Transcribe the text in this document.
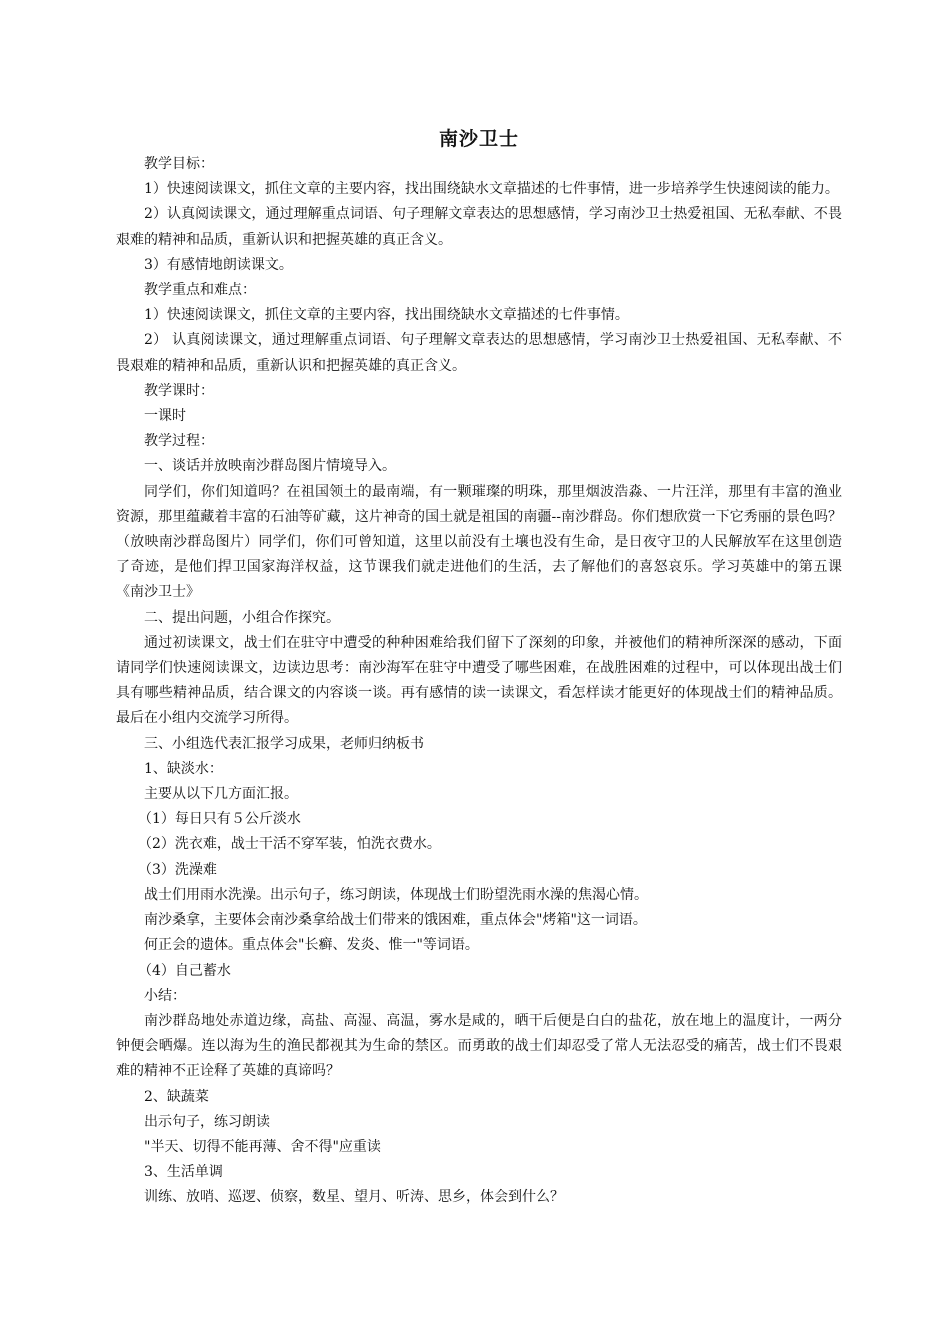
南沙卫士

教学目标：

1）快速阅读课文，抓住文章的主要内容，找出围绕缺水文章描述的七件事情，进一步培养学生快速阅读的能力。

2）认真阅读课文，通过理解重点词语、句子理解文章表达的思想感情，学习南沙卫士热爱祖国、无私奉献、不畏艰难的精神和品质，重新认识和把握英雄的真正含义。

3）有感情地朗读课文。

教学重点和难点：

1）快速阅读课文，抓住文章的主要内容，找出围绕缺水文章描述的七件事情。

2） 认真阅读课文，通过理解重点词语、句子理解文章表达的思想感情，学习南沙卫士热爱祖国、无私奉献、不畏艰难的精神和品质，重新认识和把握英雄的真正含义。

教学课时：

一课时

教学过程：

一、谈话并放映南沙群岛图片情境导入。

同学们，你们知道吗？在祖国领土的最南端，有一颗璀璨的明珠，那里烟波浩淼、一片汪洋，那里有丰富的渔业资源，那里蕴藏着丰富的石油等矿藏，这片神奇的国土就是祖国的南疆--南沙群岛。你们想欣赏一下它秀丽的景色吗？（放映南沙群岛图片）同学们，你们可曾知道，这里以前没有土壤也没有生命，是日夜守卫的人民解放军在这里创造了奇迹，是他们捍卫国家海洋权益，这节课我们就走进他们的生活，去了解他们的喜怒哀乐。学习英雄中的第五课《南沙卫士》

二、提出问题，小组合作探究。

通过初读课文，战士们在驻守中遭受的种种困难给我们留下了深刻的印象，并被他们的精神所深深的感动，下面请同学们快速阅读课文，边读边思考：南沙海军在驻守中遭受了哪些困难，在战胜困难的过程中，可以体现出战士们具有哪些精神品质，结合课文的内容谈一谈。再有感情的读一读课文，看怎样读才能更好的体现战士们的精神品质。最后在小组内交流学习所得。

三、小组选代表汇报学习成果，老师归纳板书

1、缺淡水：

主要从以下几方面汇报。

（1）每日只有５公斤淡水

（2）洗衣难，战士干活不穿军装，怕洗衣费水。

（3）洗澡难

战士们用雨水洗澡。出示句子，练习朗读，体现战士们盼望洗雨水澡的焦渴心情。

南沙桑拿，主要体会南沙桑拿给战士们带来的饿困难，重点体会"烤箱"这一词语。

何正会的遗体。重点体会"长癣、发炎、惟一"等词语。

（4）自己蓄水

小结：

南沙群岛地处赤道边缘，高盐、高湿、高温，雾水是咸的，晒干后便是白白的盐花，放在地上的温度计，一两分钟便会晒爆。连以海为生的渔民都视其为生命的禁区。而勇敢的战士们却忍受了常人无法忍受的痛苦，战士们不畏艰难的精神不正诠释了英雄的真谛吗？

2、缺蔬菜

出示句子，练习朗读

"半天、切得不能再薄、舍不得"应重读

3、生活单调

训练、放哨、巡逻、侦察，数星、望月、听涛、思乡，体会到什么？
